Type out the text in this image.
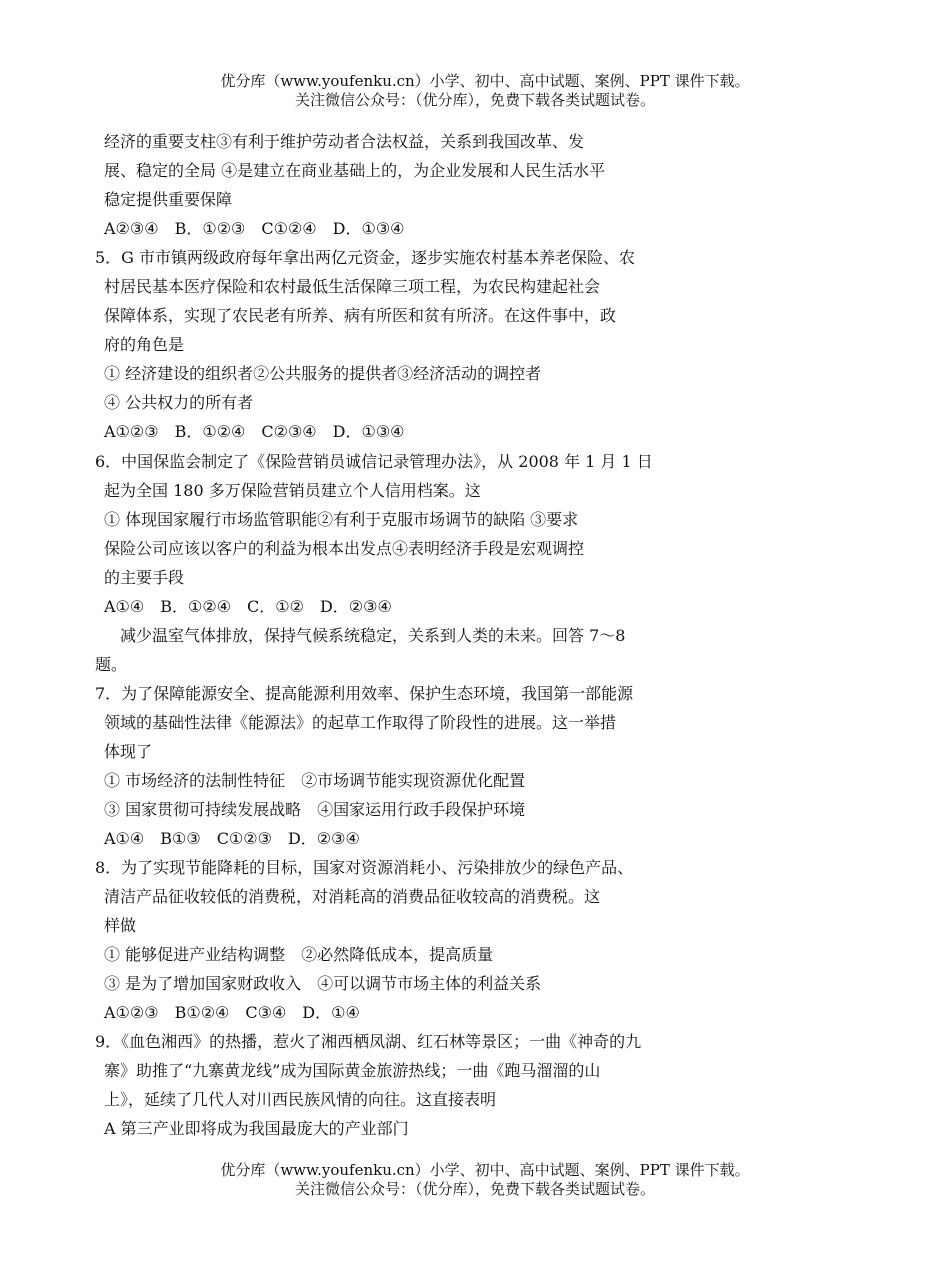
优分库（www.youfenku.cn）小学、初中、高中试题、案例、PPT 课件下载。
关注微信公众号：（优分库），免费下载各类试题试卷。
经济的重要支柱③有利于维护劳动者合法权益，关系到我国改革、发
展、稳定的全局 ④是建立在商业基础上的，为企业发展和人民生活水平
稳定提供重要保障
A②③④　B．①②③　C①②④　D．①③④
5．G 市市镇两级政府每年拿出两亿元资金，逐步实施农村基本养老保险、农
村居民基本医疗保险和农村最低生活保障三项工程，为农民构建起社会
保障体系，实现了农民老有所养、病有所医和贫有所济。在这件事中，政
府的角色是
① 经济建设的组织者②公共服务的提供者③经济活动的调控者
④ 公共权力的所有者
A①②③　B．①②④　C②③④　D．①③④
6．中国保监会制定了《保险营销员诚信记录管理办法》，从 2008 年 1 月 1 日
起为全国 180 多万保险营销员建立个人信用档案。这
① 体现国家履行市场监管职能②有利于克服市场调节的缺陷 ③要求
保险公司应该以客户的利益为根本出发点④表明经济手段是宏观调控
的主要手段
A①④　B．①②④　C．①②　D．②③④
　减少温室气体排放，保持气候系统稳定，关系到人类的未来。回答 7～8
题。
7．为了保障能源安全、提高能源利用效率、保护生态环境，我国第一部能源
领域的基础性法律《能源法》的起草工作取得了阶段性的进展。这一举措
体现了
① 市场经济的法制性特征　②市场调节能实现资源优化配置
③ 国家贯彻可持续发展战略　④国家运用行政手段保护环境
A①④　B①③　C①②③　D．②③④
8．为了实现节能降耗的目标，国家对资源消耗小、污染排放少的绿色产品、
清洁产品征收较低的消费税，对消耗高的消费品征收较高的消费税。这
样做
① 能够促进产业结构调整　②必然降低成本，提高质量
③ 是为了增加国家财政收入　④可以调节市场主体的利益关系
A①②③　B①②④　C③④　D．①④
9．《血色湘西》的热播，惹火了湘西栖凤湖、红石林等景区；一曲《神奇的九
寨》助推了“九寨黄龙线”成为国际黄金旅游热线；一曲《跑马溜溜的山
上》，延续了几代人对川西民族风情的向往。这直接表明
A 第三产业即将成为我国最庞大的产业部门
优分库（www.youfenku.cn）小学、初中、高中试题、案例、PPT 课件下载。
关注微信公众号：（优分库），免费下载各类试题试卷。
